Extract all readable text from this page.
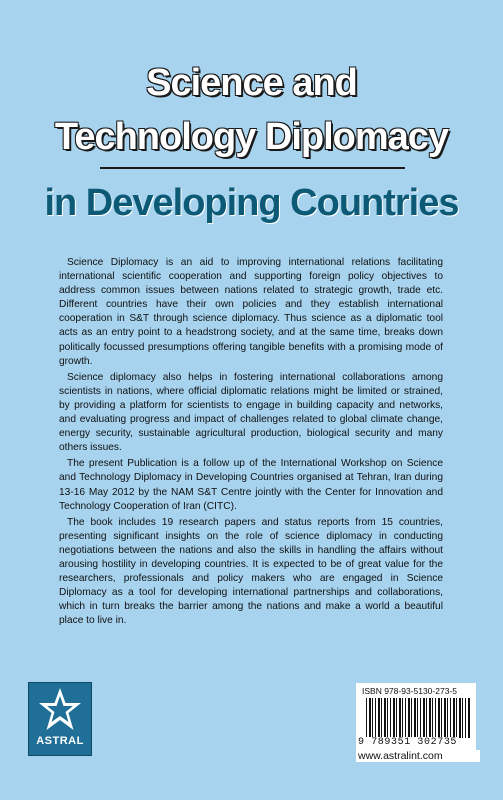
Science and
Technology Diplomacy
in Developing Countries

Science Diplomacy is an aid to improving international relations facilitating international scientific cooperation and supporting foreign policy objectives to address common issues between nations related to strategic growth, trade etc. Different countries have their own policies and they establish international cooperation in S&T through science diplomacy. Thus science as a diplomatic tool acts as an entry point to a headstrong society, and at the same time, breaks down politically focussed presumptions offering tangible benefits with a promising mode of growth.

Science diplomacy also helps in fostering international collaborations among scientists in nations, where official diplomatic relations might be limited or strained, by providing a platform for scientists to engage in building capacity and networks, and evaluating progress and impact of challenges related to global climate change, energy security, sustainable agricultural production, biological security and many others issues.

The present Publication is a follow up of the International Workshop on Science and Technology Diplomacy in Developing Countries organised at Tehran, Iran during 13-16 May 2012 by the NAM S&T Centre jointly with the Center for Innovation and Technology Cooperation of Iran (CITC).

The book includes 19 research papers and status reports from 15 countries, presenting significant insights on the role of science diplomacy in conducting negotiations between the nations and also the skills in handling the affairs without arousing hostility in developing countries. It is expected to be of great value for the researchers, professionals and policy makers who are engaged in Science Diplomacy as a tool for developing international partnerships and collaborations, which in turn breaks the barrier among the nations and make a world a beautiful place to live in.

ASTRAL
ISBN 978-93-5130-273-5
9 789351 302735
www.astralint.com
